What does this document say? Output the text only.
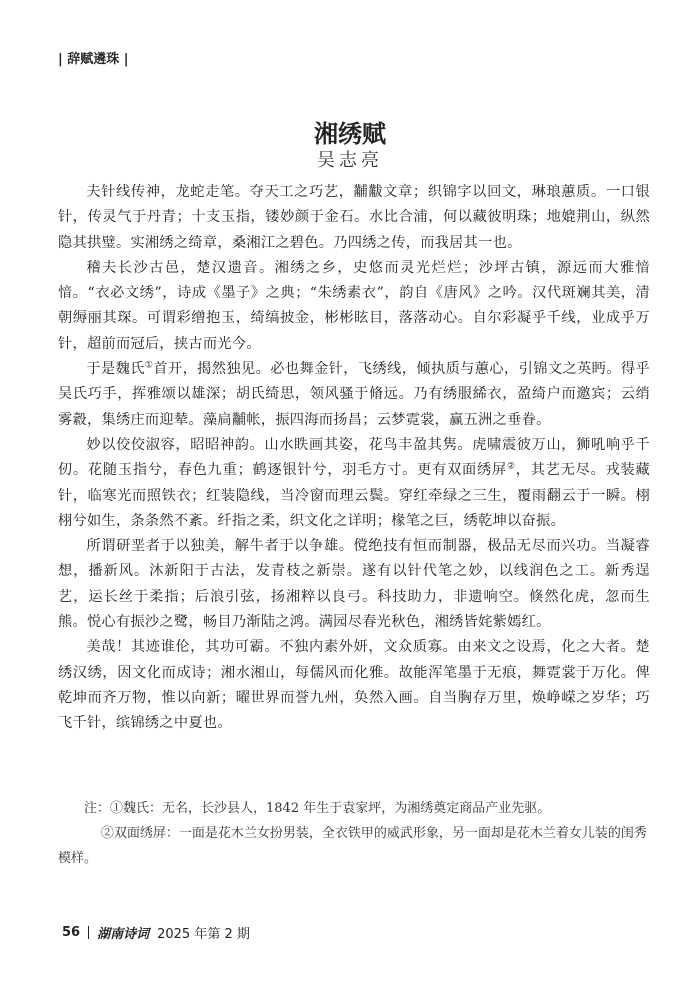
| 辞赋遴珠 |
湘绣赋
吴志亮

夫针线传神，龙蛇走笔。夺天工之巧艺，黼黻文章；织锦字以回文，琳琅蕙质。一口银针，传灵气于丹青；十支玉指，镂妙颜于金石。水比合浦，何以藏彼明珠；地媲荆山，纵然隐其拱璧。实湘绣之绮章，桑湘江之碧色。乃四绣之传，而我居其一也。

稽夫长沙古邑，楚汉遗音。湘绣之乡，史悠而灵光烂烂；沙坪古镇，源远而大雅愔愔。“衣必文绣”，诗成《墨子》之典；“朱绣素衣”，韵自《唐风》之吟。汉代斑斓其美，清朝缛丽其琛。可谓彩缯抱玉，绮缟披金，彬彬眩目，落落动心。自尔彩凝乎千线，业成乎万针，超前而冠后，挟古而光今。

于是魏氏①首开，揭然独见。必也舞金针，飞绣线，倾执质与蕙心，引锦文之英眄。得乎吴氏巧手，挥雅颂以雄深；胡氏绮思，领风骚于脩远。乃有绣服絺衣，盈绮户而邀宾；云绡雾縠，集绣庄而迎辇。藻扃黼帐，振四海而扬昌；云梦霓裳，赢五洲之垂眷。

妙以佼佼淑容，昭昭神韵。山水眣画其姿，花鸟丰盈其隽。虎啸震彼万山，狮吼响乎千仞。花随玉指兮，春色九重；鹤逐银针兮，羽毛方寸。更有双面绣屏②，其艺无尽。戎装藏针，临寒光而照铁衣；红装隐线，当冷窗而理云鬓。穿红牵绿之三生，覆雨翻云于一瞬。栩栩兮如生，条条然不紊。纤指之柔，织文化之详明；椽笔之巨，绣乾坤以奋振。

所谓研垩者于以独美，解牛者于以争雄。傥绝技有恒而制器，极品无尽而兴功。当凝睿想，播新风。沐新阳于古法，发青枝之新崇。遂有以针代笔之妙，以线润色之工。新秀逞艺，运长丝于柔指；后浪引弦，扬湘粹以良弓。科技助力，非遗响空。倏然化虎，忽而生熊。悦心有振沙之鹭，畅目乃渐陆之鸿。满园尽春光秋色，湘绣皆姹紫嫣红。

美哉！其迹谁伦，其功可霸。不独内素外妍，文众质寡。由来文之设焉，化之大者。楚绣汉绣，因文化而成诗；湘水湘山，每儒风而化雅。故能浑笔墨于无痕，舞霓裳于万化。俾乾坤而齐万物，惟以向新；曜世界而誉九州，奂然入画。自当胸存万里，焕峥嵘之岁华；巧飞千针，缤锦绣之中夏也。

注：①魏氏：无名，长沙县人，1842 年生于袁家坪，为湘绣奠定商品产业先驱。

②双面绣屏：一面是花木兰女扮男装，全衣铁甲的威武形象，另一面却是花木兰着女儿装的闺秀模样。

56 湖南诗词 2025 年第 2 期
